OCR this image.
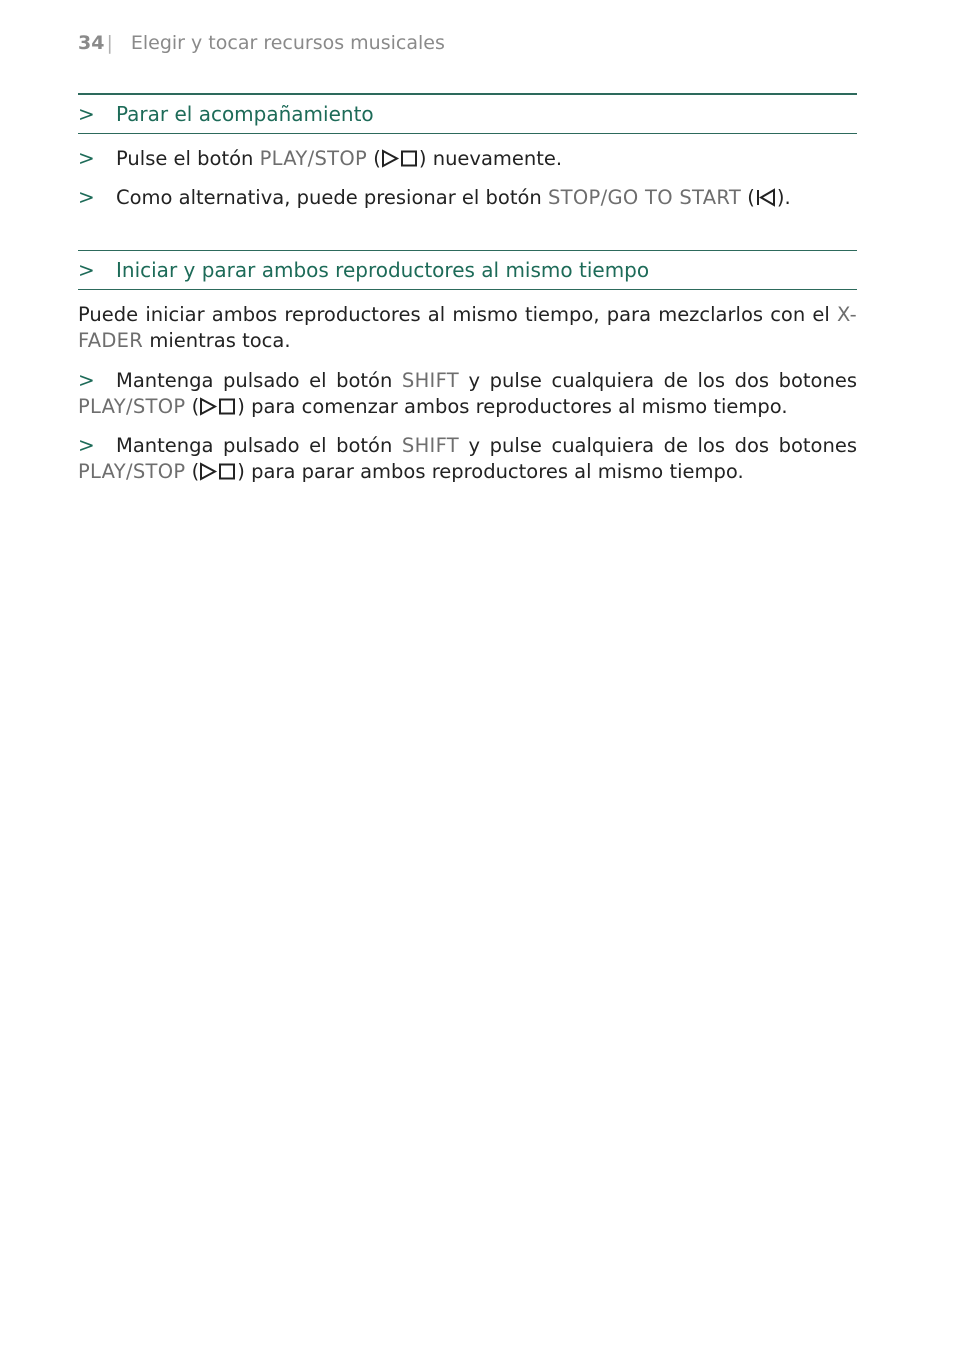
34 | Elegir y tocar recursos musicales
>	Parar el acompañamiento
> Pulse el botón PLAY/STOP ( ) nuevamente.
> Como alternativa, puede presionar el botón STOP/GO TO START ( ).
>	Iniciar y parar ambos reproductores al mismo tiempo
Puede iniciar ambos reproductores al mismo tiempo, para mezclarlos con el X-FADER mientras toca.
> Mantenga pulsado el botón SHIFT y pulse cualquiera de los dos botones PLAY/STOP ( ) para comenzar ambos reproductores al mismo tiempo.
> Mantenga pulsado el botón SHIFT y pulse cualquiera de los dos botones PLAY/STOP ( ) para parar ambos reproductores al mismo tiempo.
